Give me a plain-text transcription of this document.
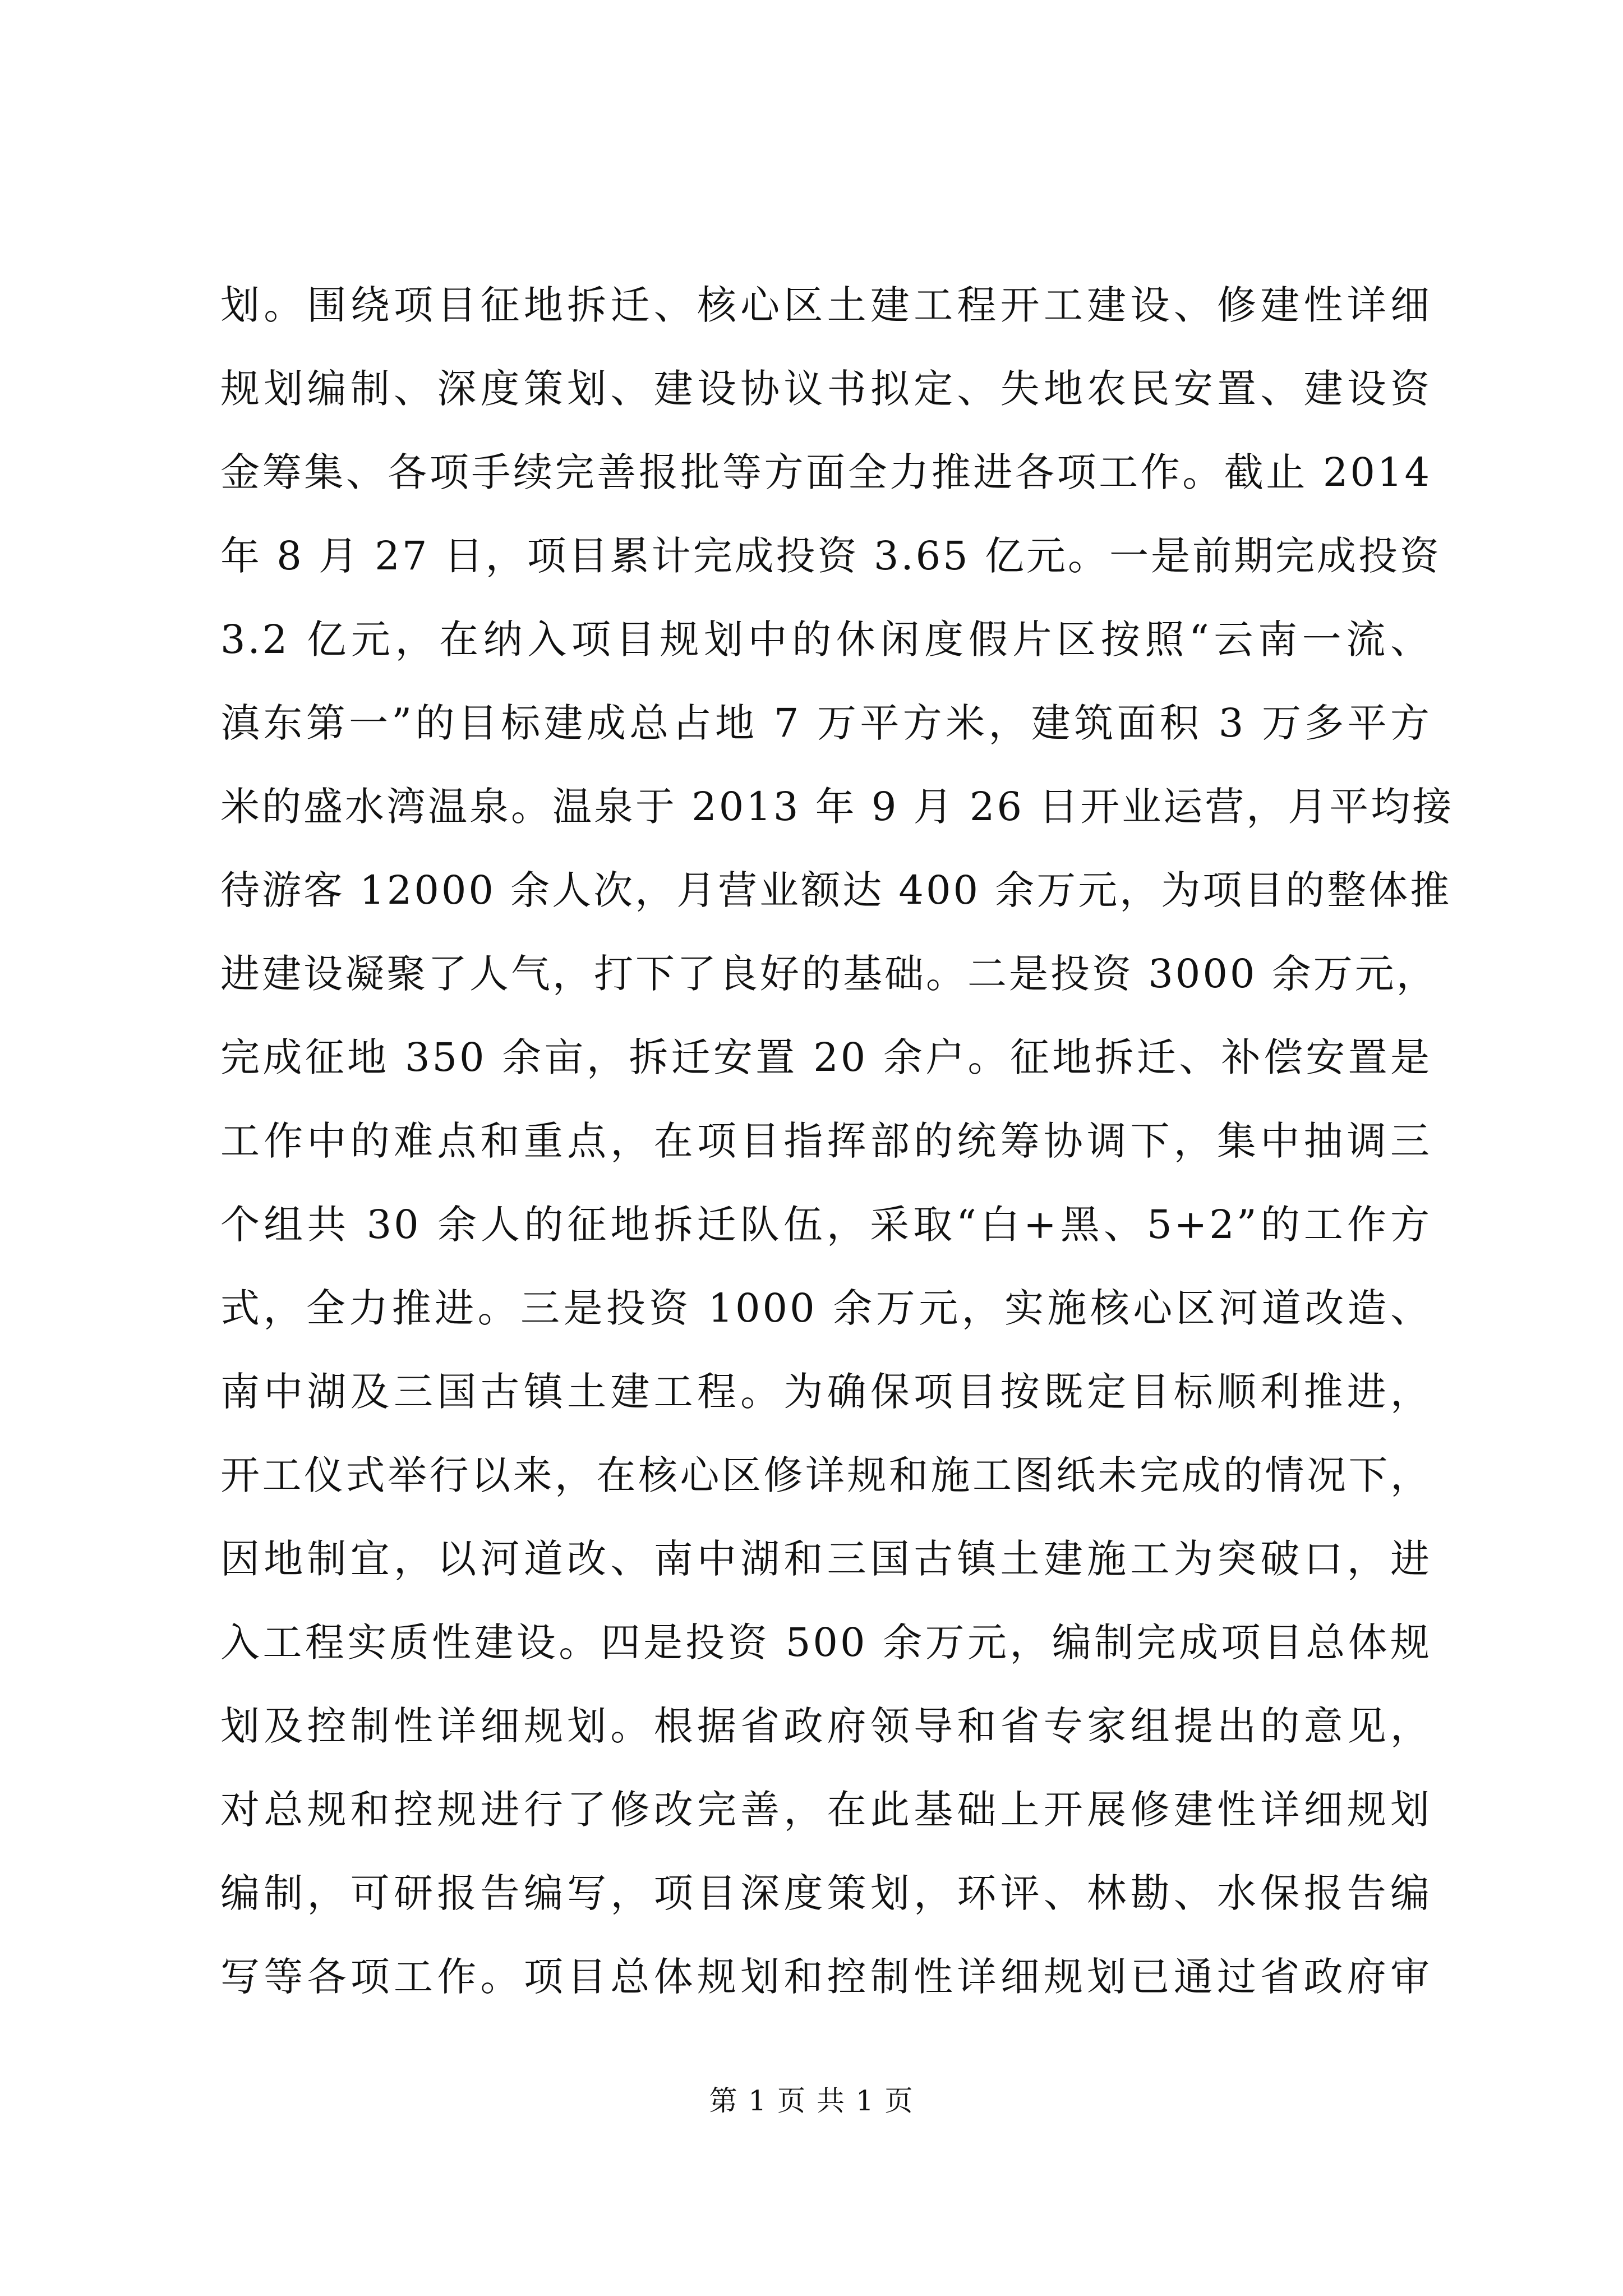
划。围绕项目征地拆迁、核心区土建工程开工建设、修建性详细
规划编制、深度策划、建设协议书拟定、失地农民安置、建设资
金筹集、各项手续完善报批等方面全力推进各项工作。截止 2014
年 8 月 27 日，项目累计完成投资 3.65 亿元。一是前期完成投资
3.2 亿元，在纳入项目规划中的休闲度假片区按照“云南一流、
滇东第一”的目标建成总占地 7 万平方米，建筑面积 3 万多平方
米的盛水湾温泉。温泉于 2013 年 9 月 26 日开业运营，月平均接
待游客 12000 余人次，月营业额达 400 余万元，为项目的整体推
进建设凝聚了人气，打下了良好的基础。二是投资 3000 余万元，
完成征地 350 余亩，拆迁安置 20 余户。征地拆迁、补偿安置是
工作中的难点和重点，在项目指挥部的统筹协调下，集中抽调三
个组共 30 余人的征地拆迁队伍，采取“白+黑、5+2”的工作方
式，全力推进。三是投资 1000 余万元，实施核心区河道改造、
南中湖及三国古镇土建工程。为确保项目按既定目标顺利推进，
开工仪式举行以来，在核心区修详规和施工图纸未完成的情况下，
因地制宜，以河道改、南中湖和三国古镇土建施工为突破口，进
入工程实质性建设。四是投资 500 余万元，编制完成项目总体规
划及控制性详细规划。根据省政府领导和省专家组提出的意见，
对总规和控规进行了修改完善，在此基础上开展修建性详细规划
编制，可研报告编写，项目深度策划，环评、林勘、水保报告编
写等各项工作。项目总体规划和控制性详细规划已通过省政府审
第 1 页 共 1 页
